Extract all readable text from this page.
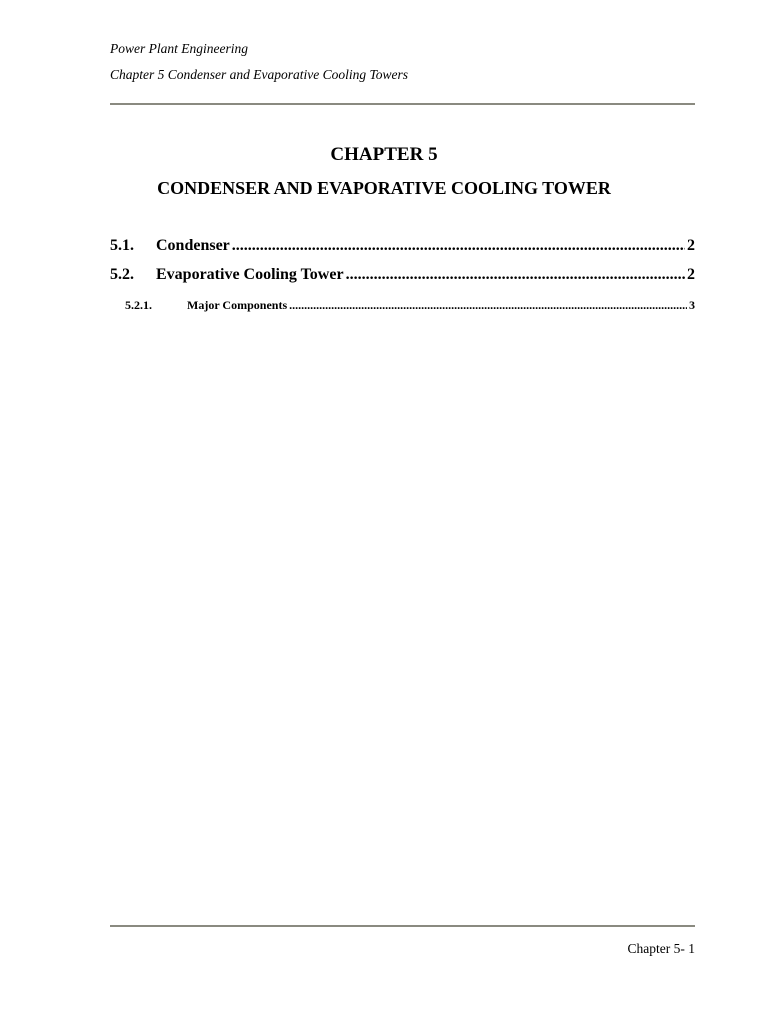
Power Plant Engineering
Chapter 5 Condenser and Evaporative Cooling Towers
CHAPTER 5
CONDENSER AND EVAPORATIVE COOLING TOWER
5.1.	Condenser .....	2
5.2.	Evaporative Cooling Tower .....	2
5.2.1.	Major Components .....	3
Chapter 5- 1
